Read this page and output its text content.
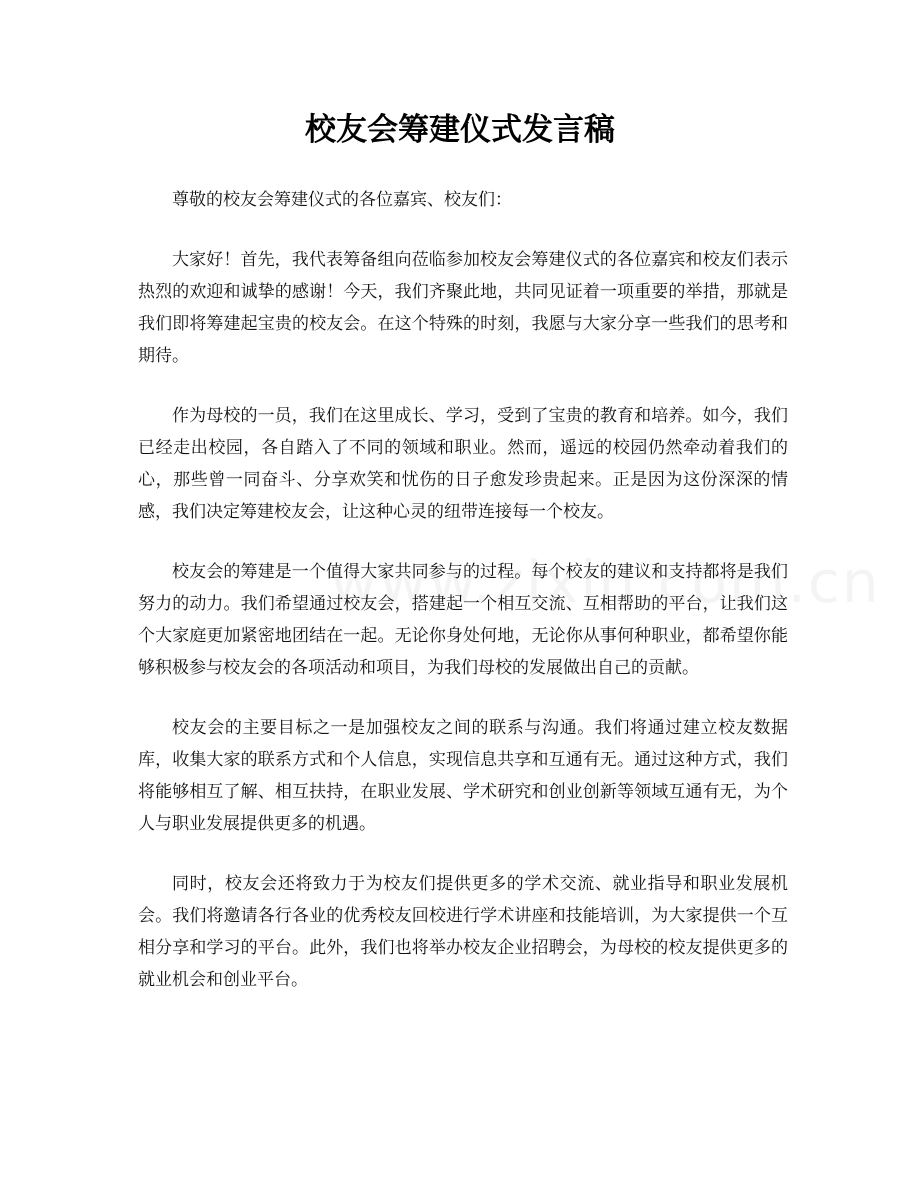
校友会筹建仪式发言稿

尊敬的校友会筹建仪式的各位嘉宾、校友们：

大家好！首先，我代表筹备组向莅临参加校友会筹建仪式的各位嘉宾和校友们表示热烈的欢迎和诚挚的感谢！今天，我们齐聚此地，共同见证着一项重要的举措，那就是我们即将筹建起宝贵的校友会。在这个特殊的时刻，我愿与大家分享一些我们的思考和期待。

作为母校的一员，我们在这里成长、学习，受到了宝贵的教育和培养。如今，我们已经走出校园，各自踏入了不同的领域和职业。然而，遥远的校园仍然牵动着我们的心，那些曾一同奋斗、分享欢笑和忧伤的日子愈发珍贵起来。正是因为这份深深的情感，我们决定筹建校友会，让这种心灵的纽带连接每一个校友。

校友会的筹建是一个值得大家共同参与的过程。每个校友的建议和支持都将是我们努力的动力。我们希望通过校友会，搭建起一个相互交流、互相帮助的平台，让我们这个大家庭更加紧密地团结在一起。无论你身处何地，无论你从事何种职业，都希望你能够积极参与校友会的各项活动和项目，为我们母校的发展做出自己的贡献。

校友会的主要目标之一是加强校友之间的联系与沟通。我们将通过建立校友数据库，收集大家的联系方式和个人信息，实现信息共享和互通有无。通过这种方式，我们将能够相互了解、相互扶持，在职业发展、学术研究和创业创新等领域互通有无，为个人与职业发展提供更多的机遇。

同时，校友会还将致力于为校友们提供更多的学术交流、就业指导和职业发展机会。我们将邀请各行各业的优秀校友回校进行学术讲座和技能培训，为大家提供一个互相分享和学习的平台。此外，我们也将举办校友企业招聘会，为母校的校友提供更多的就业机会和创业平台。
